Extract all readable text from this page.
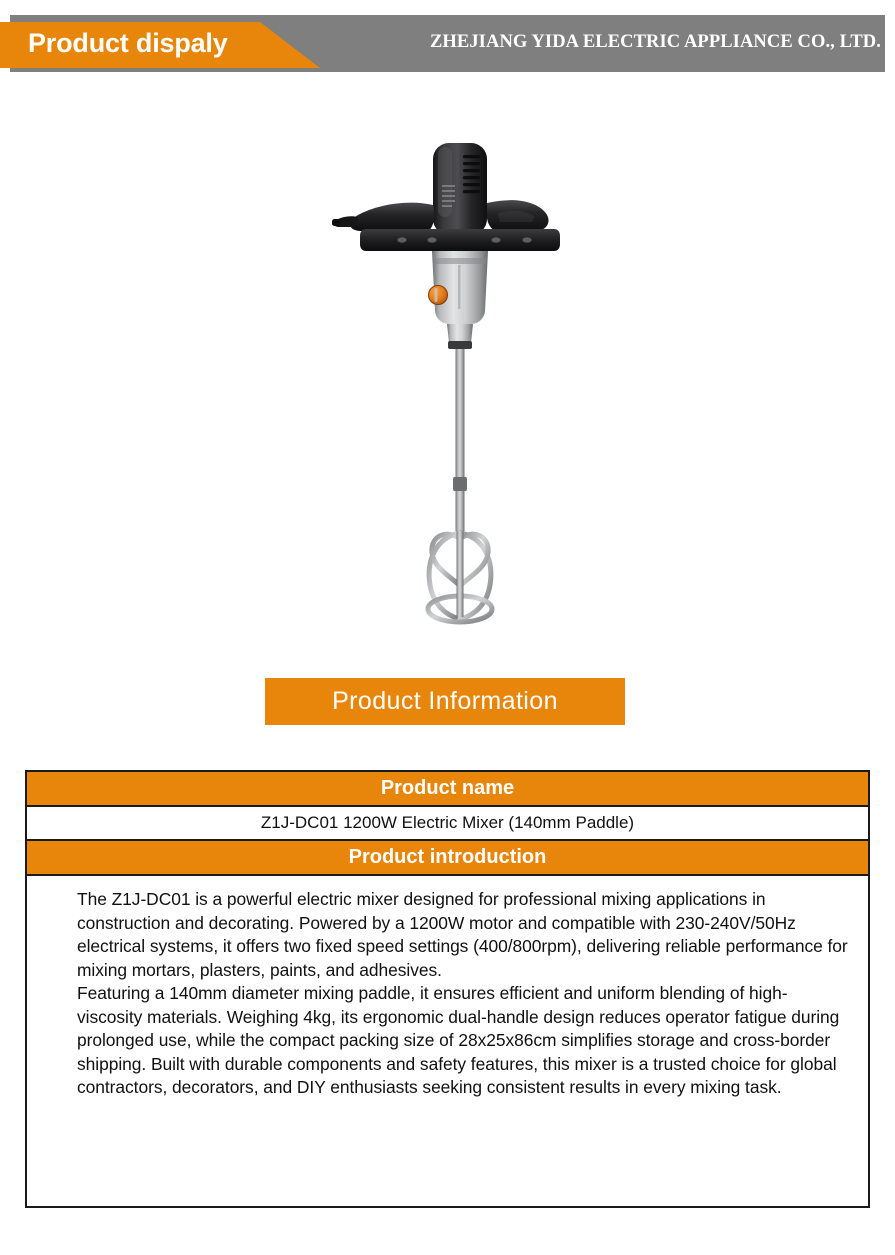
Product dispaly	ZHEJIANG YIDA ELECTRIC APPLIANCE CO., LTD.
Product Information
Product name
Z1J-DC01 1200W Electric Mixer (140mm Paddle)
Product introduction

The Z1J-DC01 is a powerful electric mixer designed for professional mixing applications in construction and decorating. Powered by a 1200W motor and compatible with 230-240V/50Hz electrical systems, it offers two fixed speed settings (400/800rpm), delivering reliable performance for mixing mortars, plasters, paints, and adhesives.

Featuring a 140mm diameter mixing paddle, it ensures efficient and uniform blending of high-viscosity materials. Weighing 4kg, its ergonomic dual-handle design reduces operator fatigue during prolonged use, while the compact packing size of 28x25x86cm simplifies storage and cross-border shipping. Built with durable components and safety features, this mixer is a trusted choice for global contractors, decorators, and DIY enthusiasts seeking consistent results in every mixing task.
